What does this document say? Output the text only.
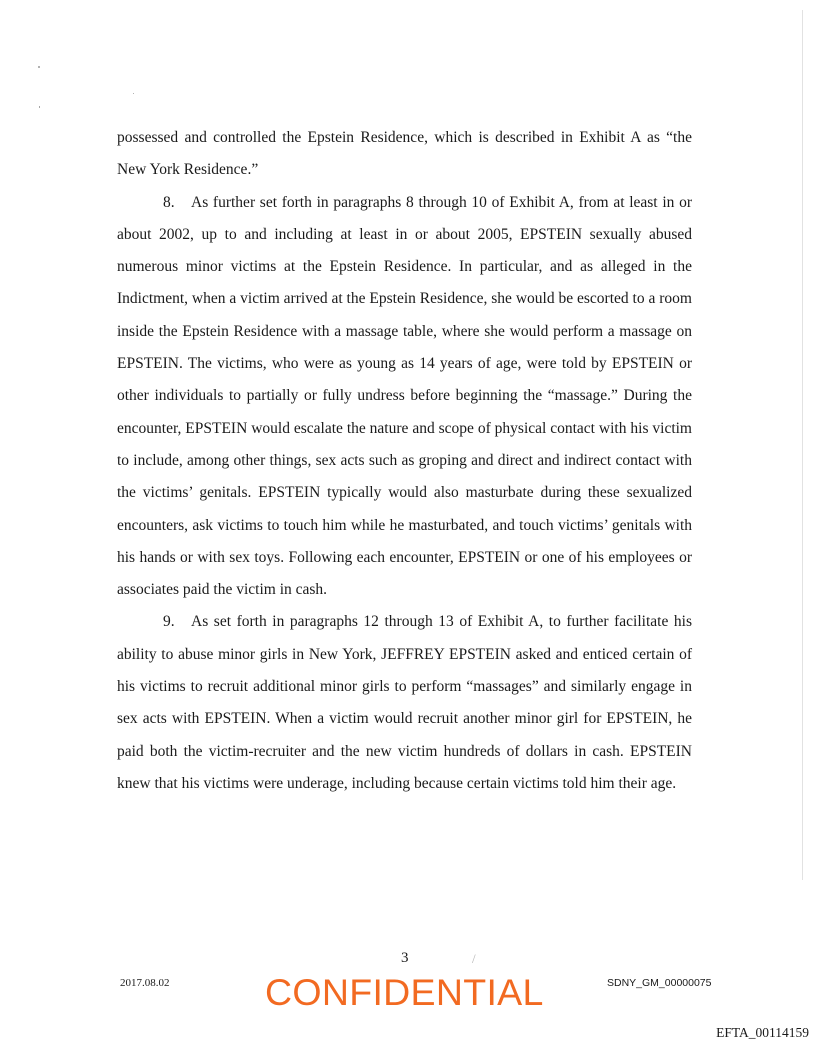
possessed and controlled the Epstein Residence, which is described in Exhibit A as “the New York Residence.”

8. As further set forth in paragraphs 8 through 10 of Exhibit A, from at least in or about 2002, up to and including at least in or about 2005, EPSTEIN sexually abused numerous minor victims at the Epstein Residence. In particular, and as alleged in the Indictment, when a victim arrived at the Epstein Residence, she would be escorted to a room inside the Epstein Residence with a massage table, where she would perform a massage on EPSTEIN. The victims, who were as young as 14 years of age, were told by EPSTEIN or other individuals to partially or fully undress before beginning the “massage.” During the encounter, EPSTEIN would escalate the nature and scope of physical contact with his victim to include, among other things, sex acts such as groping and direct and indirect contact with the victims’ genitals. EPSTEIN typically would also masturbate during these sexualized encounters, ask victims to touch him while he masturbated, and touch victims’ genitals with his hands or with sex toys. Following each encounter, EPSTEIN or one of his employees or associates paid the victim in cash.

9. As set forth in paragraphs 12 through 13 of Exhibit A, to further facilitate his ability to abuse minor girls in New York, JEFFREY EPSTEIN asked and enticed certain of his victims to recruit additional minor girls to perform “massages” and similarly engage in sex acts with EPSTEIN. When a victim would recruit another minor girl for EPSTEIN, he paid both the victim-recruiter and the new victim hundreds of dollars in cash. EPSTEIN knew that his victims were underage, including because certain victims told him their age.

3	/
2017.08.02	CONFIDENTIAL	SDNY_GM_00000075
EFTA_00114159
